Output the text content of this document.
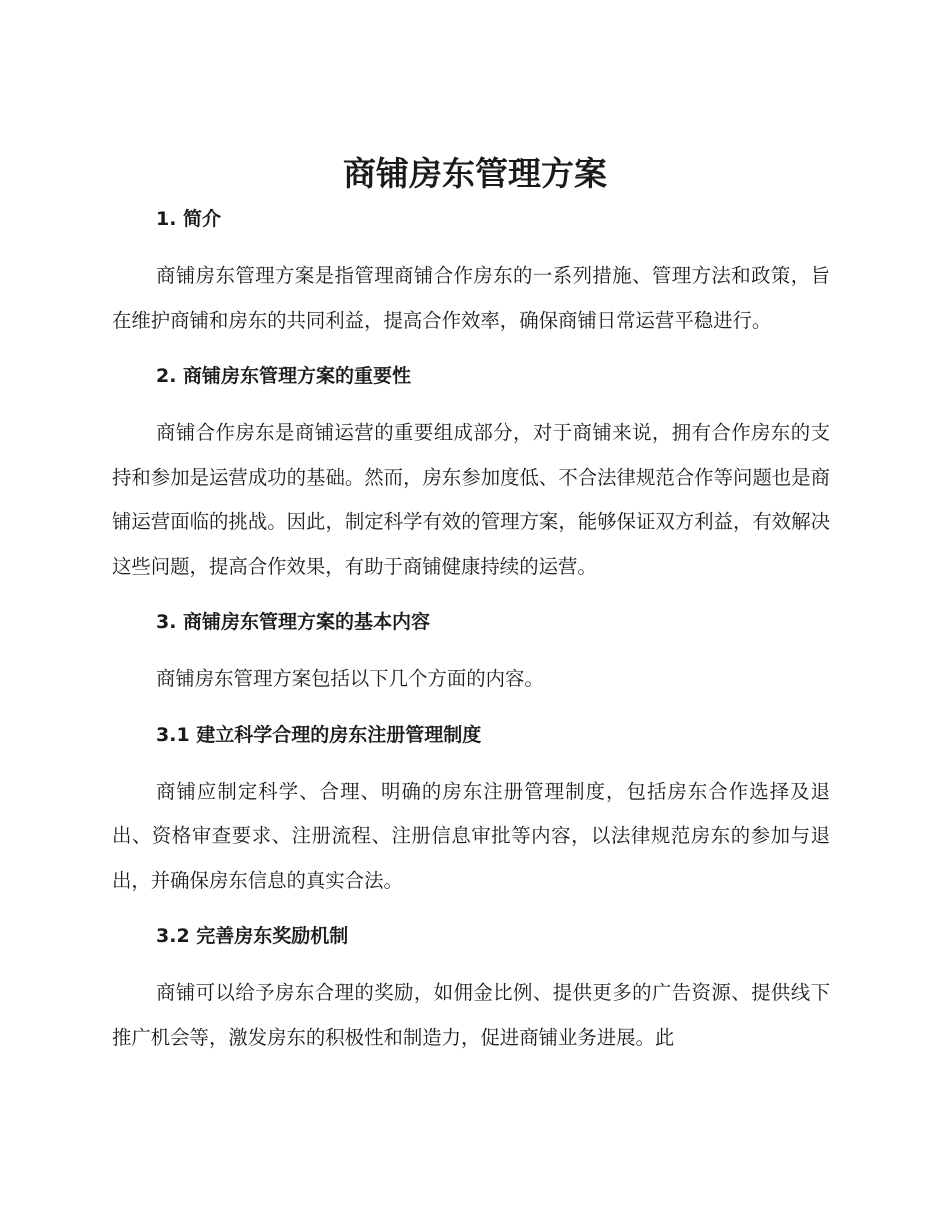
商铺房东管理方案
1. 简介

商铺房东管理方案是指管理商铺合作房东的一系列措施、管理方法和政策，旨在维护商铺和房东的共同利益，提高合作效率，确保商铺日常运营平稳进行。

2. 商铺房东管理方案的重要性

商铺合作房东是商铺运营的重要组成部分，对于商铺来说，拥有合作房东的支持和参加是运营成功的基础。然而，房东参加度低、不合法律规范合作等问题也是商铺运营面临的挑战。因此，制定科学有效的管理方案，能够保证双方利益，有效解决这些问题，提高合作效果，有助于商铺健康持续的运营。

3. 商铺房东管理方案的基本内容

商铺房东管理方案包括以下几个方面的内容。

3.1 建立科学合理的房东注册管理制度

商铺应制定科学、合理、明确的房东注册管理制度，包括房东合作选择及退出、资格审查要求、注册流程、注册信息审批等内容，以法律规范房东的参加与退出，并确保房东信息的真实合法。

3.2 完善房东奖励机制

商铺可以给予房东合理的奖励，如佣金比例、提供更多的广告资源、提供线下推广机会等，激发房东的积极性和制造力，促进商铺业务进展。此
